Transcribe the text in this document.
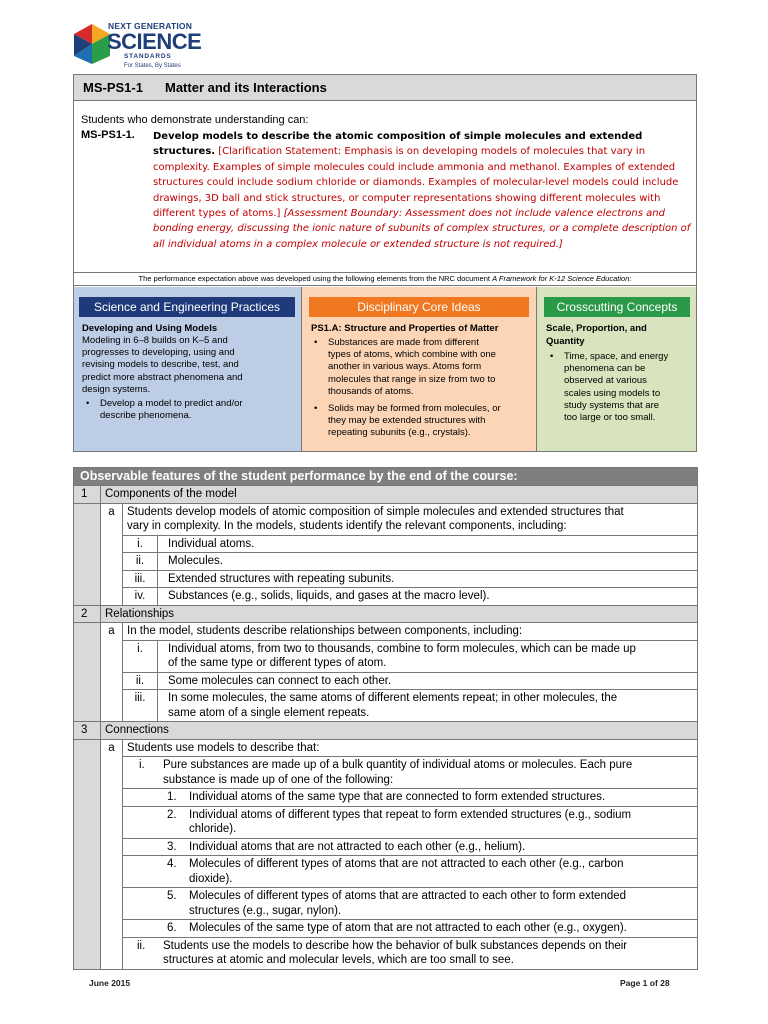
NEXT GENERATION
SCIENCE
STANDARDS
For States, By States
MS-PS1-1 Matter and its Interactions
Students who demonstrate understanding can:
MS-PS1-1. Develop models to describe the atomic composition of simple molecules and extended structures. [Clarification Statement: Emphasis is on developing models of molecules that vary in complexity. Examples of simple molecules could include ammonia and methanol. Examples of extended structures could include sodium chloride or diamonds. Examples of molecular-level models could include drawings, 3D ball and stick structures, or computer representations showing different molecules with different types of atoms.] [Assessment Boundary: Assessment does not include valence electrons and bonding energy, discussing the ionic nature of subunits of complex structures, or a complete description of all individual atoms in a complex molecule or extended structure is not required.]
The performance expectation above was developed using the following elements from the NRC document A Framework for K-12 Science Education:
Science and Engineering Practices
Developing and Using Models
Modeling in 6–8 builds on K–5 and
progresses to developing, using and
revising models to describe, test, and
predict more abstract phenomena and
design systems.
• Develop a model to predict and/or
describe phenomena.
Disciplinary Core Ideas
PS1.A: Structure and Properties of Matter
• Substances are made from different
types of atoms, which combine with one
another in various ways. Atoms form
molecules that range in size from two to
thousands of atoms.
• Solids may be formed from molecules, or
they may be extended structures with
repeating subunits (e.g., crystals).
Crosscutting Concepts
Scale, Proportion, and
Quantity
• Time, space, and energy
phenomena can be
observed at various
scales using models to
study systems that are
too large or too small.
Observable features of the student performance by the end of the course:			
1	Components of the model		
	a	Students develop models of atomic composition of simple molecules and extended structures that
vary in complexity. In the models, students identify the relevant components, including:	

		i.	Individual atoms.
		ii.	Molecules.
		iii.	Extended structures with repeating subunits.
		iv.	Substances (e.g., solids, liquids, and gases at the macro level).
2	Relationships		
	a	In the model, students describe relationships between components, including:	
		i.	Individual atoms, from two to thousands, combine to form molecules, which can be made up
of the same type or different types of atom.

		ii.	Some molecules can connect to each other.
		iii.	In some molecules, the same atoms of different elements repeat; in other molecules, the
same atom of a single element repeats.

3	Connections		
	a	Students use models to describe that:	

		i. Pure substances are made up of a bulk quantity of individual atoms or molecules. Each pure
substance is made up of one of the following:	

		1. Individual atoms of the same type that are connected to form extended structures.	

		2. Individual atoms of different types that repeat to form extended structures (e.g., sodium
chloride).	

		3. Individual atoms that are not attracted to each other (e.g., helium).	

		4. Molecules of different types of atoms that are not attracted to each other (e.g., carbon
dioxide).	

		5. Molecules of different types of atoms that are attracted to each other to form extended
structures (e.g., sugar, nylon).	

		6. Molecules of the same type of atom that are not attracted to each other (e.g., oxygen).	

		ii. Students use the models to describe how the behavior of bulk substances depends on their
structures at atomic and molecular levels, which are too small to see.	
June 2015	Page 1 of 28
